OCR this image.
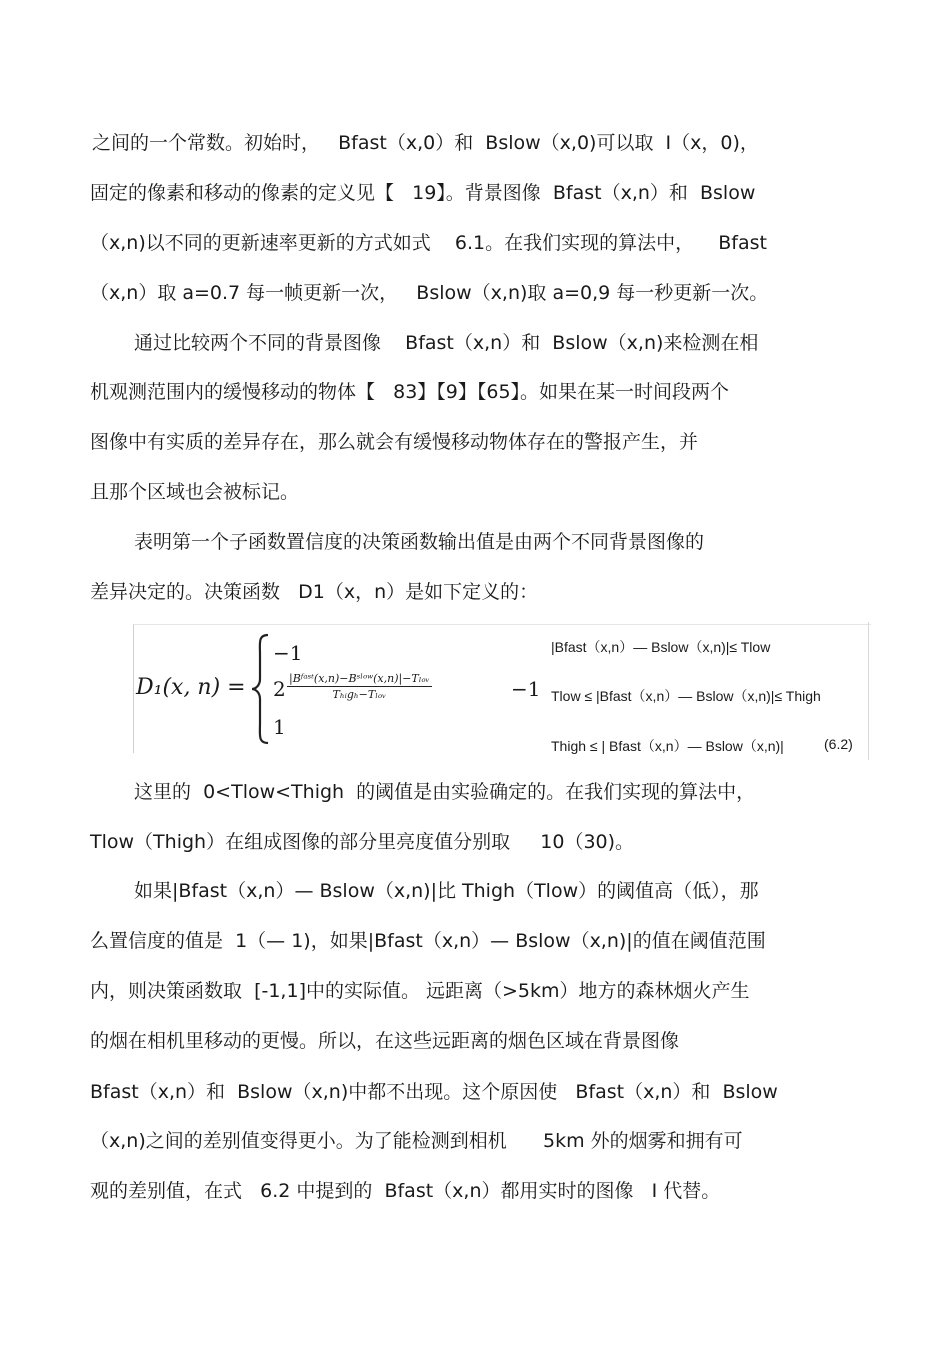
之间的一个常数。初始时，   Bfast（x,0）和  Bslow（x,0)可以取  I（x，0)，
固定的像素和移动的像素的定义见【   19】。背景图像  Bfast（x,n）和  Bslow
（x,n)以不同的更新速率更新的方式如式    6.1。在我们实现的算法中，    Bfast
（x,n）取 a=0.7 每一帧更新一次，   Bslow（x,n)取 a=0,9 每一秒更新一次。
通过比较两个不同的背景图像    Bfast（x,n）和  Bslow（x,n)来检测在相
机观测范围内的缓慢移动的物体【   83】【9】【65】。如果在某一时间段两个
图像中有实质的差异存在，那么就会有缓慢移动物体存在的警报产生，并
且那个区域也会被标记。
表明第一个子函数置信度的决策函数输出值是由两个不同背景图像的
差异决定的。决策函数   D1（x，n）是如下定义的：
D₁(x, n) =
−1
2 |Bᶠᵃˢᵗ(x,n)−Bˢˡᵒʷ(x,n)|−Tₗₒᵥ
Tₕᵢ𝑔ₕ−Tₗₒᵥ	−1
1
|Bfast（x,n）— Bslow（x,n)|≤ Tlow
Tlow ≤ |Bfast（x,n）— Bslow（x,n)|≤ Thigh
Thigh ≤ | Bfast（x,n）— Bslow（x,n)|	(6.2)
这里的  0<Tlow<Thigh  的阈值是由实验确定的。在我们实现的算法中，
Tlow（Thigh）在组成图像的部分里亮度值分别取     10（30)。
如果|Bfast（x,n）— Bslow（x,n)|比 Thigh（Tlow）的阈值高（低），那
么置信度的值是  1（— 1)，如果|Bfast（x,n）— Bslow（x,n)|的值在阈值范围
内，则决策函数取  [-1,1]中的实际值。 远距离（>5km）地方的森林烟火产生
的烟在相机里移动的更慢。所以，在这些远距离的烟色区域在背景图像
Bfast（x,n）和  Bslow（x,n)中都不出现。这个原因使   Bfast（x,n）和  Bslow
（x,n)之间的差别值变得更小。为了能检测到相机      5km 外的烟雾和拥有可
观的差别值，在式   6.2 中提到的  Bfast（x,n）都用实时的图像   I 代替。
